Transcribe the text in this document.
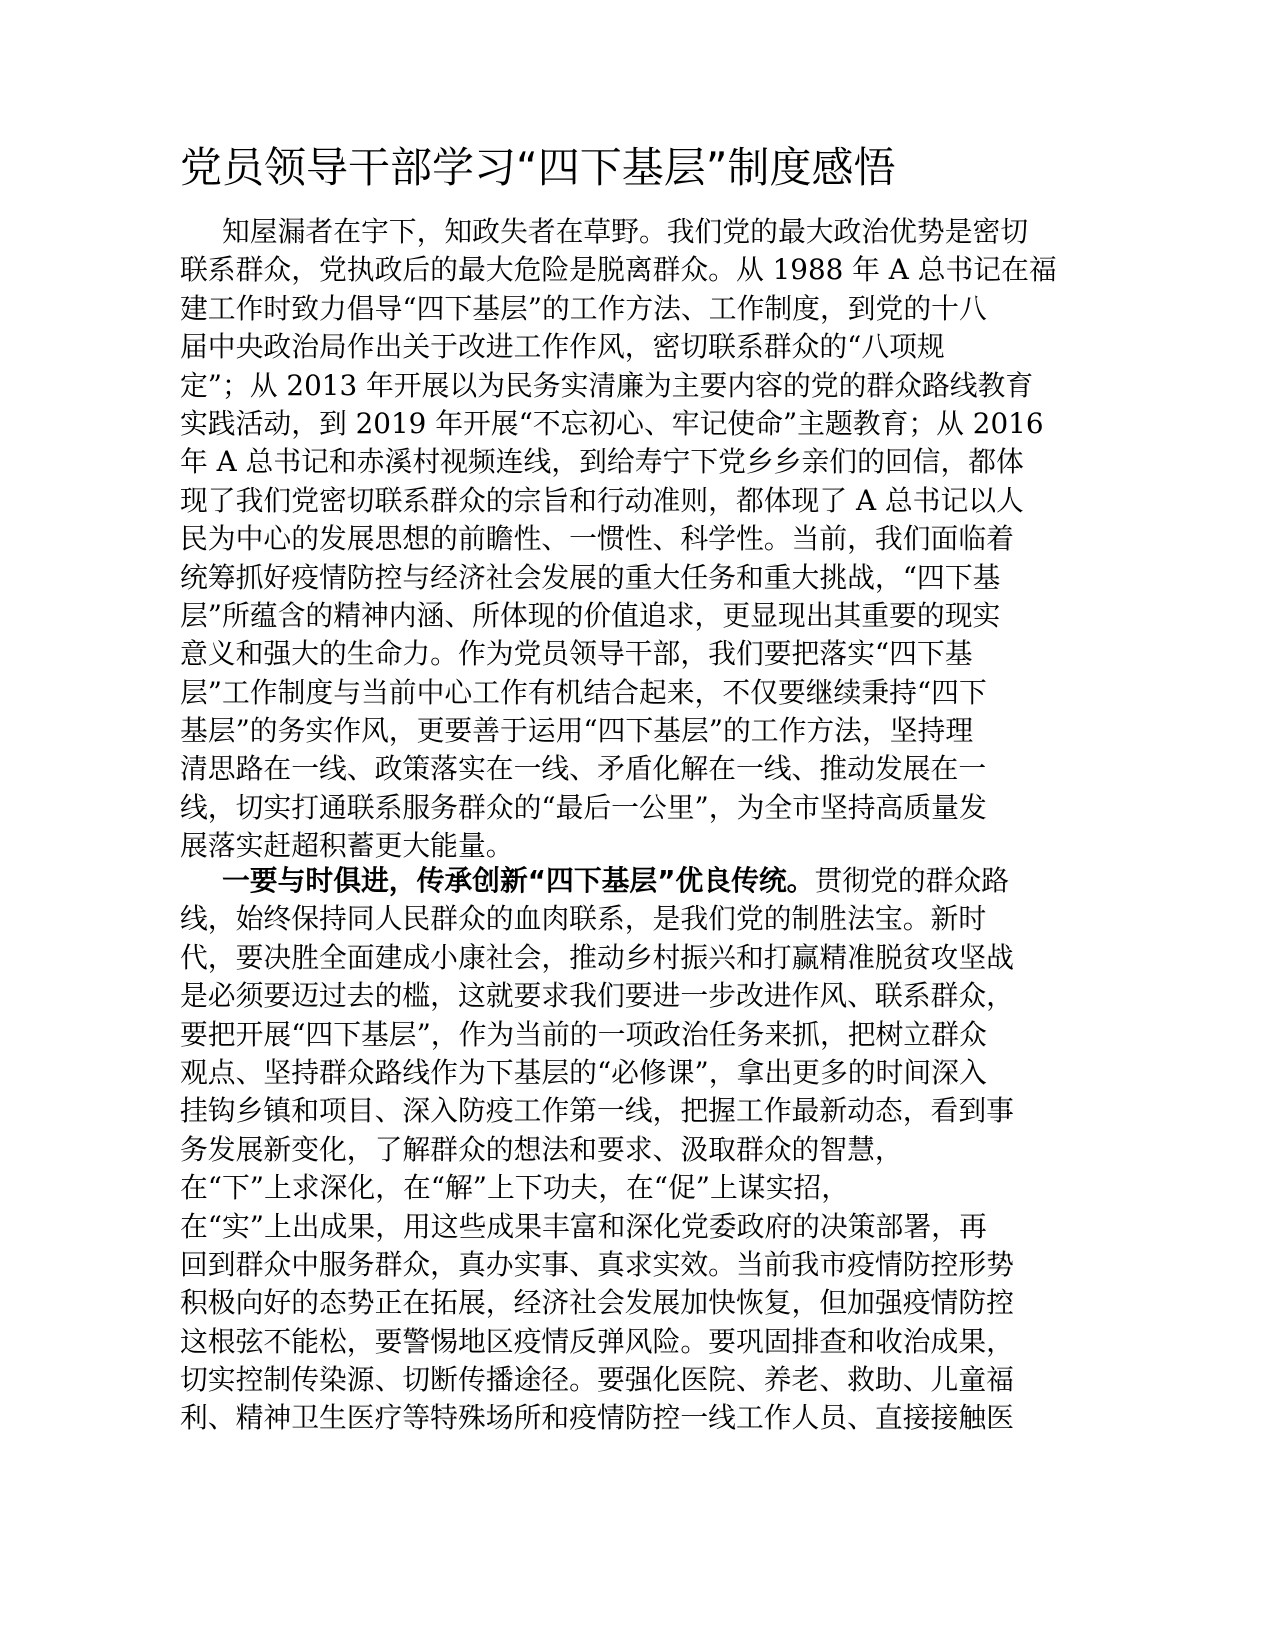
党员领导干部学习“四下基层”制度感悟
知屋漏者在宇下，知政失者在草野。我们党的最大政治优势是密切
联系群众，党执政后的最大危险是脱离群众。从 1988 年 A 总书记在福
建工作时致力倡导“四下基层”的工作方法、工作制度，到党的十八
届中央政治局作出关于改进工作作风，密切联系群众的“八项规
定”；从 2013 年开展以为民务实清廉为主要内容的党的群众路线教育
实践活动，到 2019 年开展“不忘初心、牢记使命”主题教育；从 2016
年 A 总书记和赤溪村视频连线，到给寿宁下党乡乡亲们的回信，都体
现了我们党密切联系群众的宗旨和行动准则，都体现了 A 总书记以人
民为中心的发展思想的前瞻性、一惯性、科学性。当前，我们面临着
统筹抓好疫情防控与经济社会发展的重大任务和重大挑战，“四下基
层”所蕴含的精神内涵、所体现的价值追求，更显现出其重要的现实
意义和强大的生命力。作为党员领导干部，我们要把落实“四下基
层”工作制度与当前中心工作有机结合起来，不仅要继续秉持“四下
基层”的务实作风，更要善于运用“四下基层”的工作方法，坚持理
清思路在一线、政策落实在一线、矛盾化解在一线、推动发展在一
线，切实打通联系服务群众的“最后一公里”，为全市坚持高质量发
展落实赶超积蓄更大能量。
一要与时俱进，传承创新“四下基层”优良传统。贯彻党的群众路
线，始终保持同人民群众的血肉联系，是我们党的制胜法宝。新时
代，要决胜全面建成小康社会，推动乡村振兴和打赢精准脱贫攻坚战
是必须要迈过去的槛，这就要求我们要进一步改进作风、联系群众，
要把开展“四下基层”，作为当前的一项政治任务来抓，把树立群众
观点、坚持群众路线作为下基层的“必修课”，拿出更多的时间深入
挂钩乡镇和项目、深入防疫工作第一线，把握工作最新动态，看到事
务发展新变化，了解群众的想法和要求、汲取群众的智慧，
在“下”上求深化，在“解”上下功夫，在“促”上谋实招，
在“实”上出成果，用这些成果丰富和深化党委政府的决策部署，再
回到群众中服务群众，真办实事、真求实效。当前我市疫情防控形势
积极向好的态势正在拓展，经济社会发展加快恢复，但加强疫情防控
这根弦不能松，要警惕地区疫情反弹风险。要巩固排查和收治成果，
切实控制传染源、切断传播途径。要强化医院、养老、救助、儿童福
利、精神卫生医疗等特殊场所和疫情防控一线工作人员、直接接触医
